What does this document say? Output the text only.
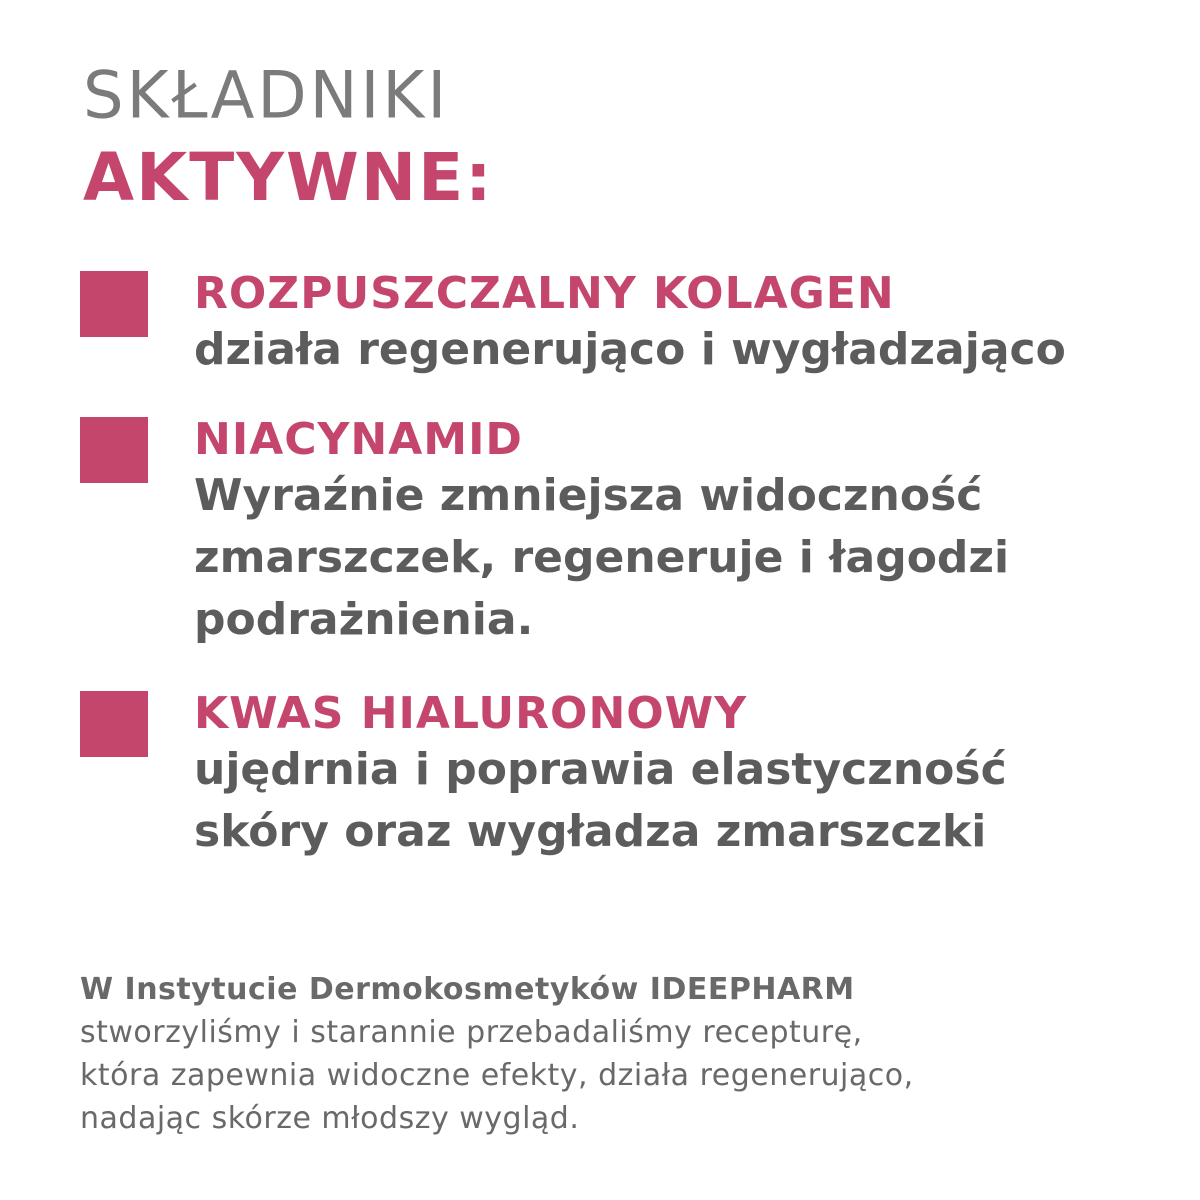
SKŁADNIKI
AKTYWNE:
ROZPUSZCZALNY KOLAGEN
działa regenerująco i wygładzająco
NIACYNAMID
Wyraźnie zmniejsza widoczność
zmarszczek, regeneruje i łagodzi
podrażnienia.
KWAS HIALURONOWY
ujędrnia i poprawia elastyczność
skóry oraz wygładza zmarszczki
W Instytucie Dermokosmetyków IDEEPHARM
stworzyliśmy i starannie przebadaliśmy recepturę,
która zapewnia widoczne efekty, działa regenerująco,
nadając skórze młodszy wygląd.
